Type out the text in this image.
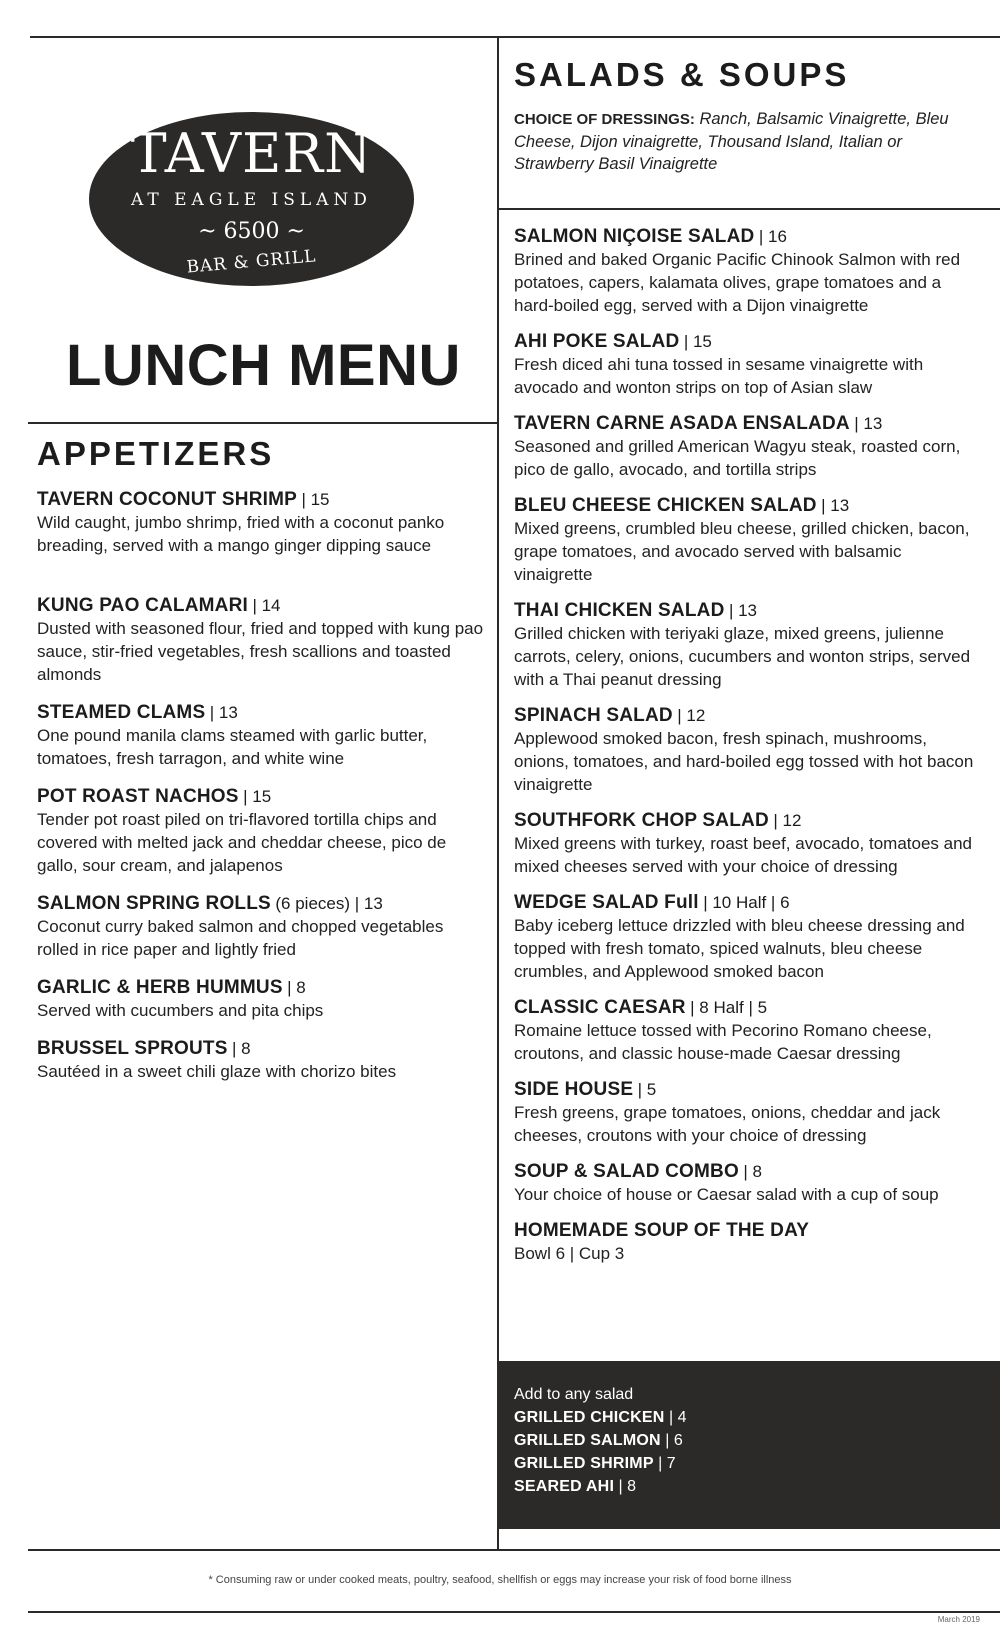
TAVERN
AT EAGLE ISLAND
~ 6500 ~
BAR & GRILL
LUNCH MENU
APPETIZERS
TAVERN COCONUT SHRIMP | 15
Wild caught, jumbo shrimp, fried with a coconut panko breading, served with a mango ginger dipping sauce
KUNG PAO CALAMARI | 14
Dusted with seasoned flour, fried and topped with kung pao sauce, stir-fried vegetables, fresh scallions and toasted almonds
STEAMED CLAMS | 13
One pound manila clams steamed with garlic butter, tomatoes, fresh tarragon, and white wine
POT ROAST NACHOS | 15
Tender pot roast piled on tri-flavored tortilla chips and covered with melted jack and cheddar cheese, pico de gallo, sour cream, and jalapenos
SALMON SPRING ROLLS (6 pieces) | 13
Coconut curry baked salmon and chopped vegetables rolled in rice paper and lightly fried
GARLIC & HERB HUMMUS | 8
Served with cucumbers and pita chips
BRUSSEL SPROUTS | 8
Sautéed in a sweet chili glaze with chorizo bites
SALADS & SOUPS
CHOICE OF DRESSINGS: Ranch, Balsamic Vinaigrette, Bleu Cheese, Dijon vinaigrette, Thousand Island, Italian or Strawberry Basil Vinaigrette
SALMON NIÇOISE SALAD | 16
Brined and baked Organic Pacific Chinook Salmon with red potatoes, capers, kalamata olives, grape tomatoes and a hard-boiled egg, served with a Dijon vinaigrette
AHI POKE SALAD | 15
Fresh diced ahi tuna tossed in sesame vinaigrette with avocado and wonton strips on top of Asian slaw
TAVERN CARNE ASADA ENSALADA | 13
Seasoned and grilled American Wagyu steak, roasted corn, pico de gallo, avocado, and tortilla strips
BLEU CHEESE CHICKEN SALAD | 13
Mixed greens, crumbled bleu cheese, grilled chicken, bacon, grape tomatoes, and avocado served with balsamic vinaigrette
THAI CHICKEN SALAD | 13
Grilled chicken with teriyaki glaze, mixed greens, julienne carrots, celery, onions, cucumbers and wonton strips, served with a Thai peanut dressing
SPINACH SALAD | 12
Applewood smoked bacon, fresh spinach, mushrooms, onions, tomatoes, and hard-boiled egg tossed with hot bacon vinaigrette
SOUTHFORK CHOP SALAD | 12
Mixed greens with turkey, roast beef, avocado, tomatoes and mixed cheeses served with your choice of dressing
WEDGE SALAD Full | 10 Half | 6
Baby iceberg lettuce drizzled with bleu cheese dressing and topped with fresh tomato, spiced walnuts, bleu cheese crumbles, and Applewood smoked bacon
CLASSIC CAESAR | 8 Half | 5
Romaine lettuce tossed with Pecorino Romano cheese, croutons, and classic house-made Caesar dressing
SIDE HOUSE | 5
Fresh greens, grape tomatoes, onions, cheddar and jack cheeses, croutons with your choice of dressing
SOUP & SALAD COMBO | 8
Your choice of house or Caesar salad with a cup of soup
HOMEMADE SOUP OF THE DAY
Bowl 6 | Cup 3
Add to any salad
GRILLED CHICKEN | 4
GRILLED SALMON | 6
GRILLED SHRIMP | 7
SEARED AHI | 8
* Consuming raw or under cooked meats, poultry, seafood, shellfish or eggs may increase your risk of food borne illness
March 2019
